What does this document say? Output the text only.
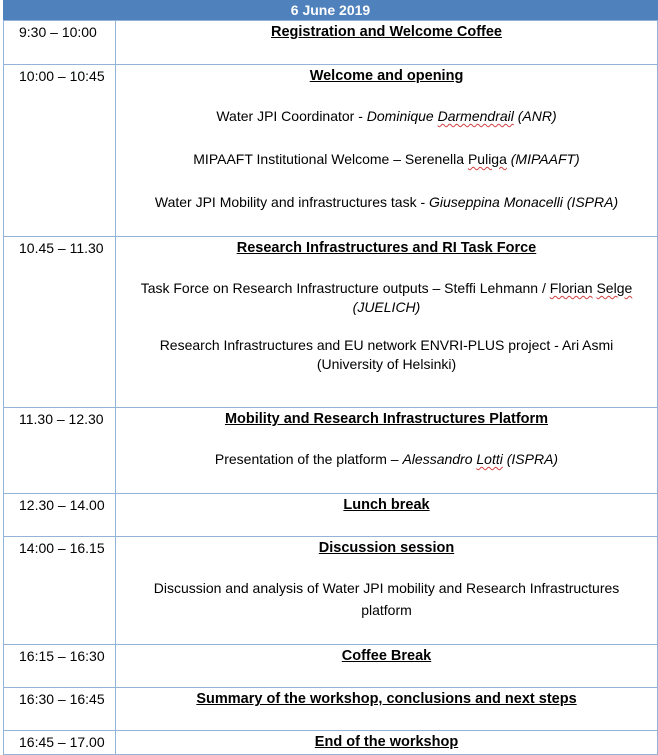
6 June 2019
9:30 – 10:00	Registration and Welcome Coffee

10:00 – 10:45	Welcome and opening

Water JPI Coordinator - Dominique Darmendrail (ANR)

MIPAAFT Institutional Welcome – Serenella Puliga (MIPAAFT)

Water JPI Mobility and infrastructures task - Giuseppina Monacelli (ISPRA)

10.45 – 11.30	Research Infrastructures and RI Task Force

Task Force on Research Infrastructure outputs – Steffi Lehmann / Florian Selge

(JUELICH)

Research Infrastructures and EU network ENVRI-PLUS project - Ari Asmi

(University of Helsinki)

11.30 – 12.30	Mobility and Research Infrastructures Platform

Presentation of the platform – Alessandro Lotti (ISPRA)

12.30 – 14.00	Lunch break

14:00 – 16.15	Discussion session

Discussion and analysis of Water JPI mobility and Research Infrastructures

platform

16:15 – 16:30	Coffee Break

16:30 – 16:45	Summary of the workshop, conclusions and next steps

16:45 – 17.00	End of the workshop
